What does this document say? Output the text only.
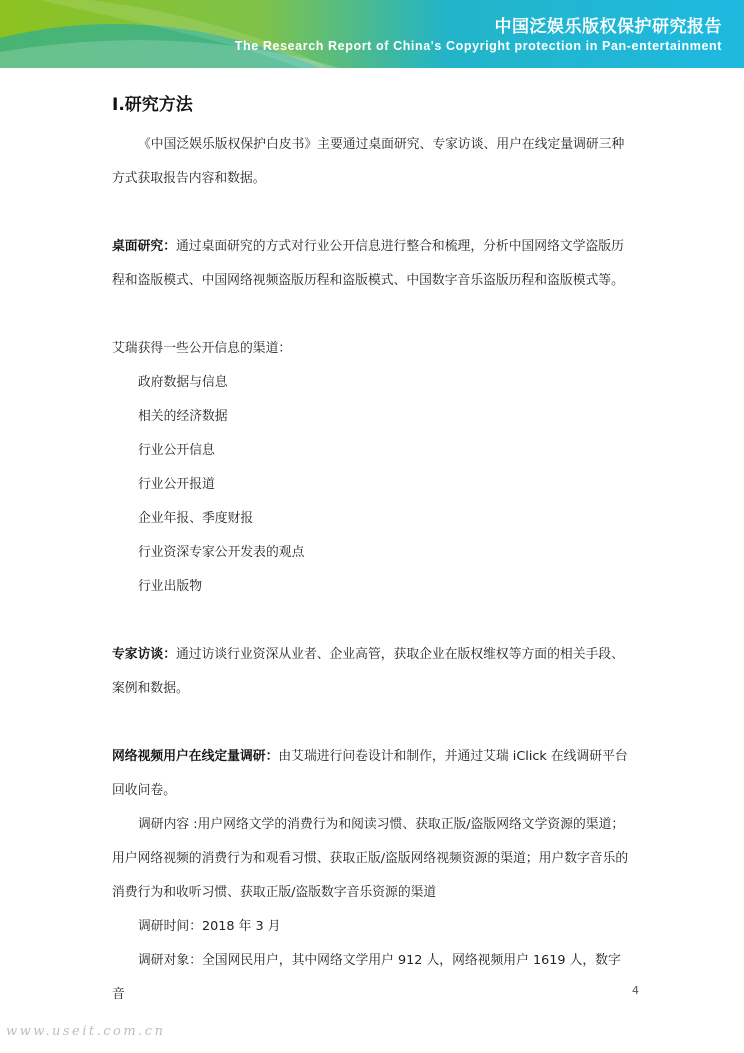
中国泛娱乐版权保护研究报告
The Research Report of China's Copyright protection in Pan-entertainment
Ⅰ.研究方法

《中国泛娱乐版权保护白皮书》主要通过桌面研究、专家访谈、用户在线定量调研三种方式获取报告内容和数据。

桌面研究：通过桌面研究的方式对行业公开信息进行整合和梳理，分析中国网络文学盗版历程和盗版模式、中国网络视频盗版历程和盗版模式、中国数字音乐盗版历程和盗版模式等。

艾瑞获得一些公开信息的渠道：

政府数据与信息
相关的经济数据
行业公开信息
行业公开报道
企业年报、季度财报
行业资深专家公开发表的观点
行业出版物

专家访谈：通过访谈行业资深从业者、企业高管，获取企业在版权维权等方面的相关手段、案例和数据。

网络视频用户在线定量调研：由艾瑞进行问卷设计和制作，并通过艾瑞 iClick 在线调研平台回收问卷。

调研内容 :用户网络文学的消费行为和阅读习惯、获取正版/盗版网络文学资源的渠道；用户网络视频的消费行为和观看习惯、获取正版/盗版网络视频资源的渠道；用户数字音乐的消费行为和收听习惯、获取正版/盗版数字音乐资源的渠道

调研时间：2018 年 3 月

调研对象：全国网民用户，其中网络文学用户 912 人，网络视频用户 1619 人，数字音	4
www.useit.com.cn
